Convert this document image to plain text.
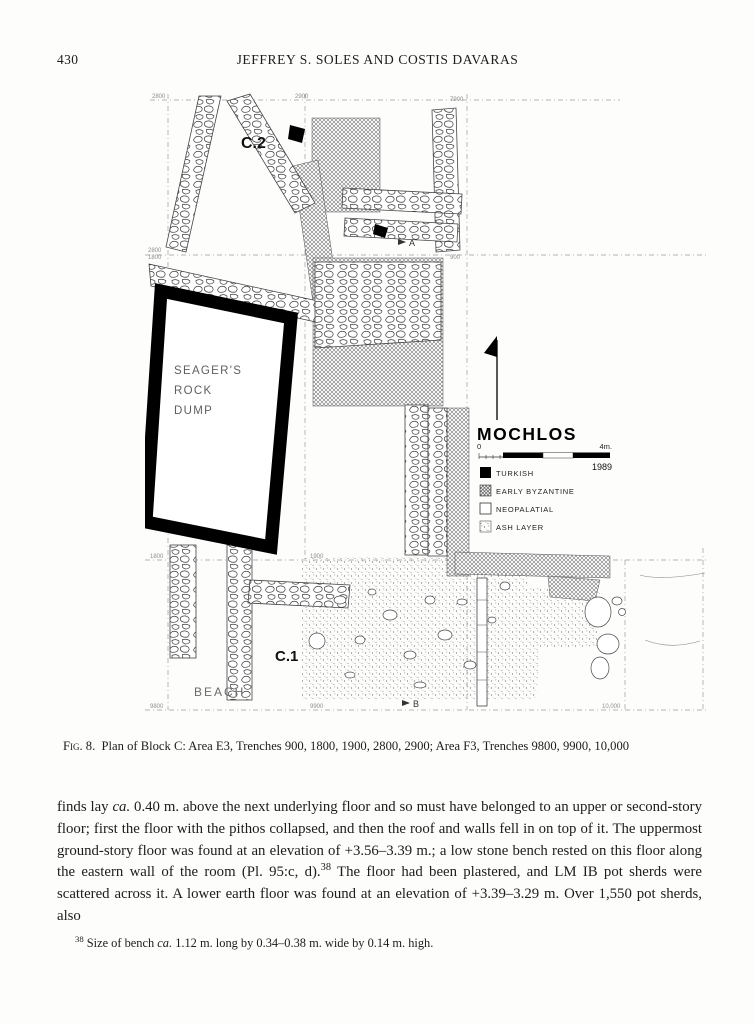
430	JEFFREY S. SOLES AND COSTIS DAVARAS
2800	2900	7900
2800
1800	900
1800	1900
9800	9900	10,000
A
B
C.2
C.1
SEAGER'S
ROCK
DUMP
BEACH
MOCHLOS
0	4m.
1989
TURKISH
EARLY BYZANTINE
NEOPALATIAL
ASH LAYER
Fig. 8. Plan of Block C: Area E3, Trenches 900, 1800, 1900, 2800, 2900; Area F3, Trenches 9800, 9900, 10,000
finds lay ca. 0.40 m. above the next underlying floor and so must have belonged to an upper or second-story floor; first the floor with the pithos collapsed, and then the roof and walls fell in on top of it. The uppermost ground-story floor was found at an elevation of +3.56–3.39 m.; a low stone bench rested on this floor along the eastern wall of the room (Pl. 95:c, d).$^{38}$ The floor had been plastered, and LM IB pot sherds were scattered across it. A lower earth floor was found at an elevation of +3.39–3.29 m. Over 1,550 pot sherds, also
$^{38}$ Size of bench ca. 1.12 m. long by 0.34–0.38 m. wide by 0.14 m. high.
